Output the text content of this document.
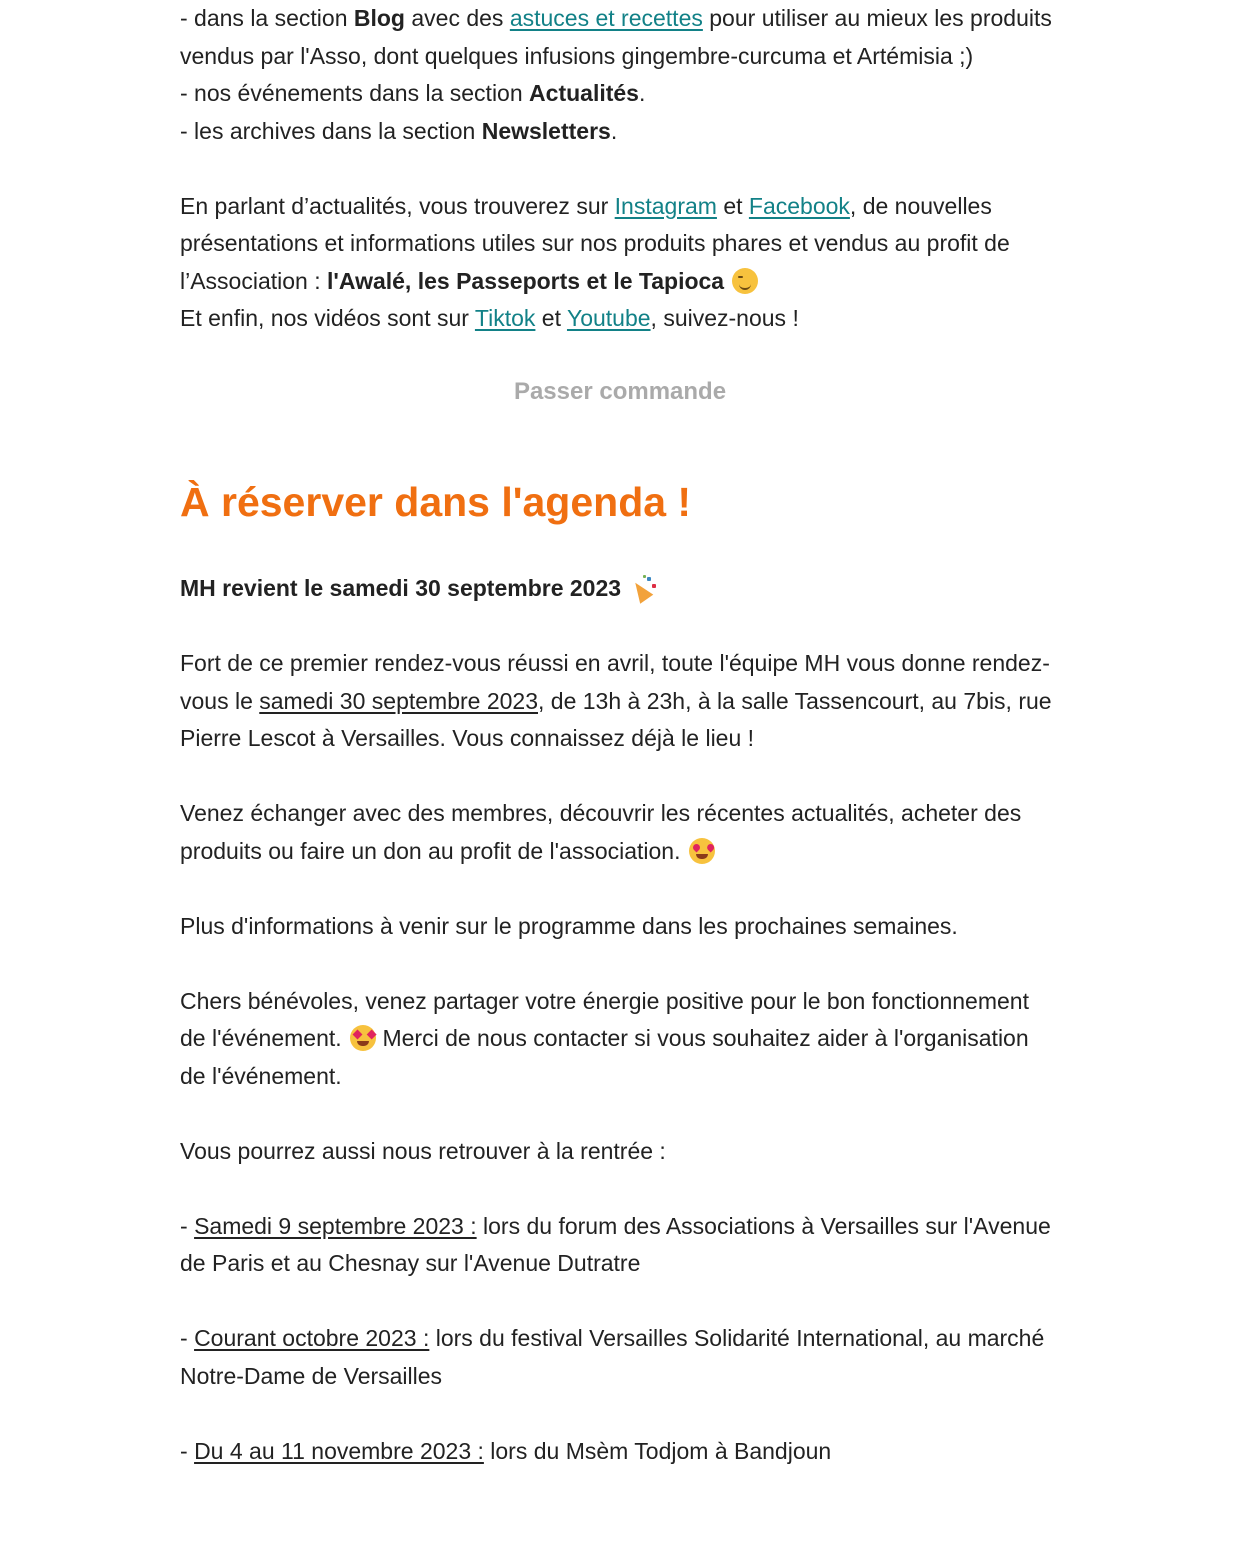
- dans la section Blog avec des astuces et recettes pour utiliser au mieux les produits vendus par l'Asso, dont quelques infusions gingembre-curcuma et Artémisia ;)

- nos événements dans la section Actualités.

- les archives dans la section Newsletters.

En parlant d’actualités, vous trouverez sur Instagram et Facebook, de nouvelles présentations et informations utiles sur nos produits phares et vendus au profit de l’Association : l'Awalé, les Passeports et le Tapioca
Et enfin, nos vidéos sont sur Tiktok et Youtube, suivez-nous !

Passer commande
À réserver dans l'agenda !

MH revient le samedi 30 septembre 2023

Fort de ce premier rendez-vous réussi en avril, toute l'équipe MH vous donne rendez-vous le samedi 30 septembre 2023, de 13h à 23h, à la salle Tassencourt, au 7bis, rue Pierre Lescot à Versailles. Vous connaissez déjà le lieu !

Venez échanger avec des membres, découvrir les récentes actualités, acheter des produits ou faire un don au profit de l'association.

Plus d'informations à venir sur le programme dans les prochaines semaines.

Chers bénévoles, venez partager votre énergie positive pour le bon fonctionnement de l'événement.  Merci de nous contacter si vous souhaitez aider à l'organisation de l'événement.

Vous pourrez aussi nous retrouver à la rentrée :

- Samedi 9 septembre 2023 : lors du forum des Associations à Versailles sur l'Avenue de Paris et au Chesnay sur l'Avenue Dutratre

- Courant octobre 2023 : lors du festival Versailles Solidarité International, au marché Notre-Dame de Versailles

- Du 4 au 11 novembre 2023 : lors du Msèm Todjom à Bandjoun
